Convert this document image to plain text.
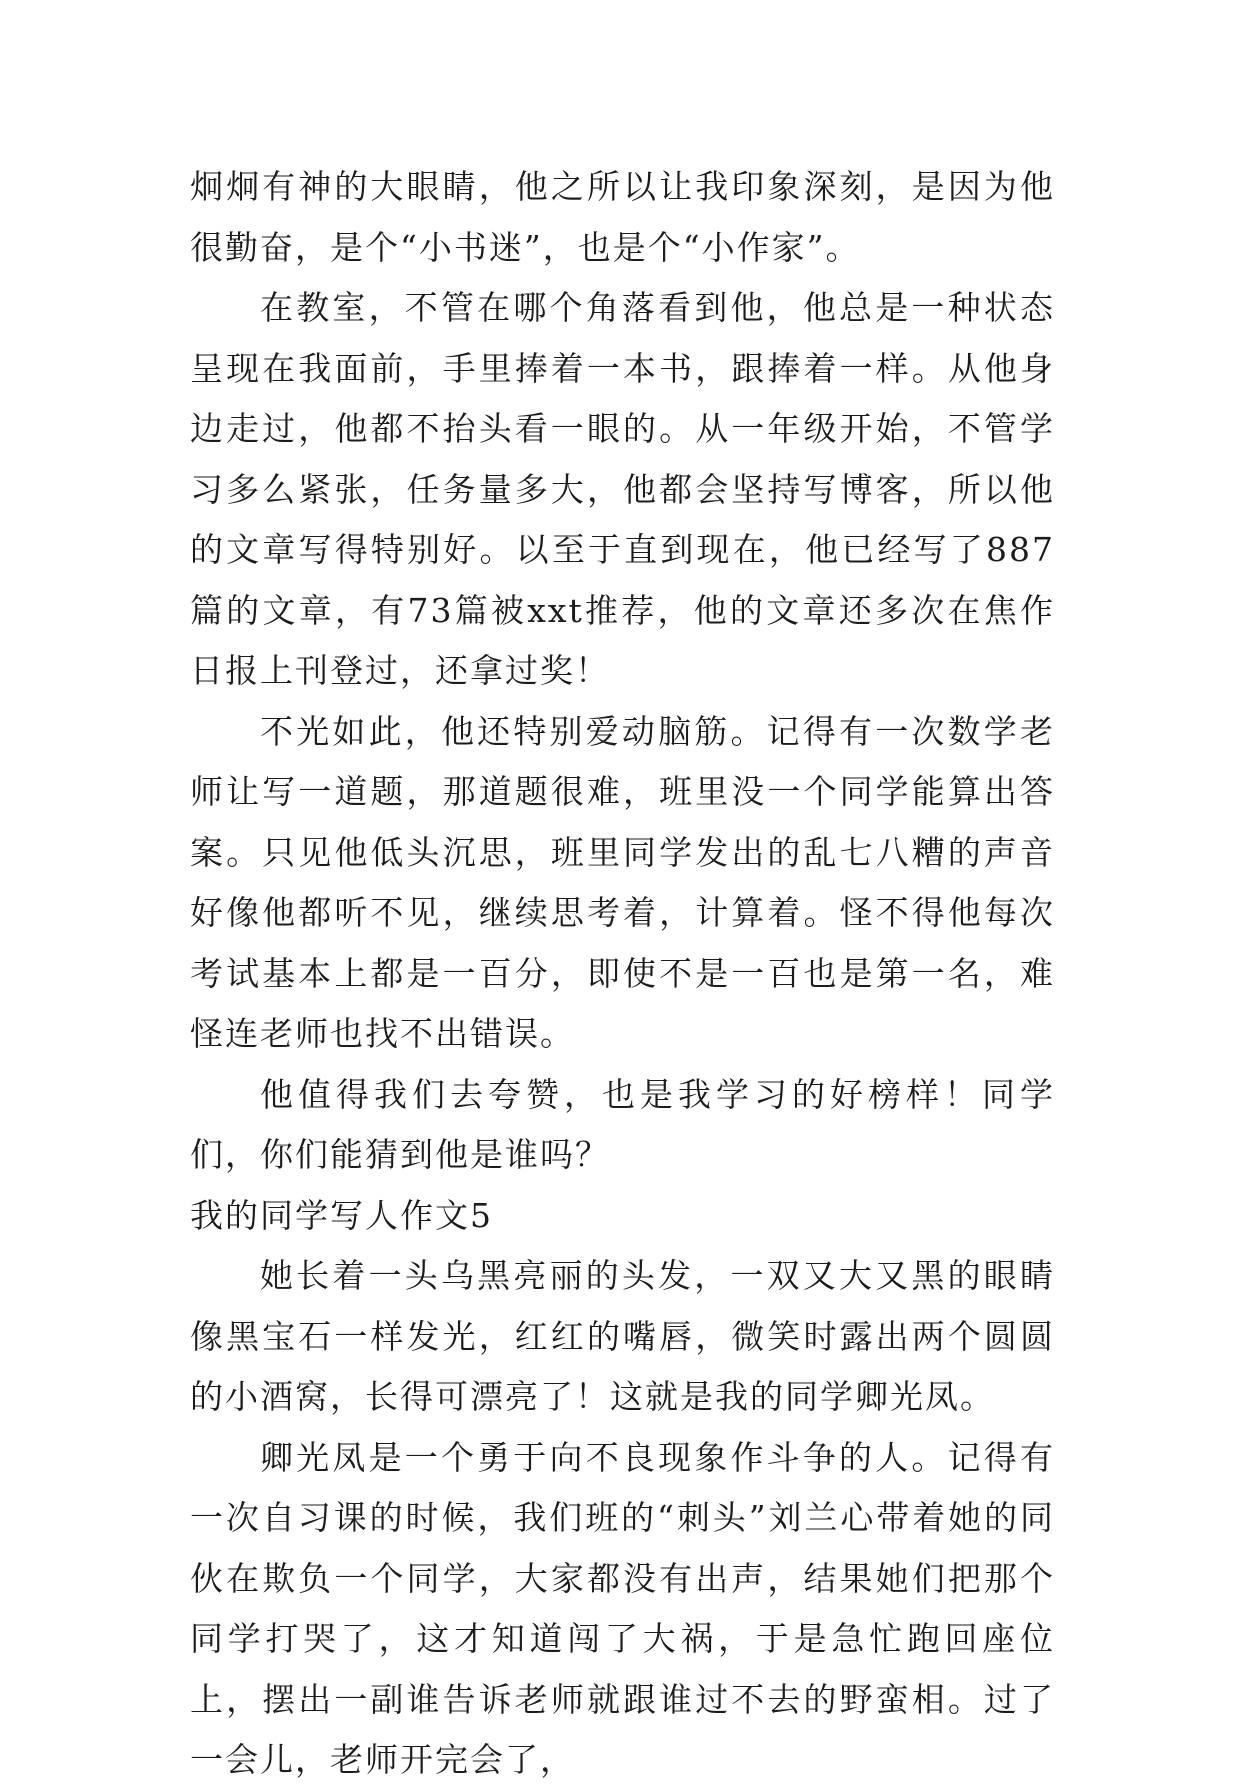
炯炯有神的大眼睛，他之所以让我印象深刻，是因为他很勤奋，是个“小书迷”，也是个“小作家”。

在教室，不管在哪个角落看到他，他总是一种状态呈现在我面前，手里捧着一本书，跟捧着一样。从他身边走过，他都不抬头看一眼的。从一年级开始，不管学习多么紧张，任务量多大，他都会坚持写博客，所以他的文章写得特别好。以至于直到现在，他已经写了887篇的文章，有73篇被xxt推荐，他的文章还多次在焦作日报上刊登过，还拿过奖！

不光如此，他还特别爱动脑筋。记得有一次数学老师让写一道题，那道题很难，班里没一个同学能算出答案。只见他低头沉思，班里同学发出的乱七八糟的声音好像他都听不见，继续思考着，计算着。怪不得他每次考试基本上都是一百分，即使不是一百也是第一名，难怪连老师也找不出错误。

他值得我们去夸赞，也是我学习的好榜样！同学们，你们能猜到他是谁吗？

我的同学写人作文5

她长着一头乌黑亮丽的头发，一双又大又黑的眼睛像黑宝石一样发光，红红的嘴唇，微笑时露出两个圆圆的小酒窝，长得可漂亮了！这就是我的同学卿光凤。

卿光凤是一个勇于向不良现象作斗争的人。记得有一次自习课的时候，我们班的“刺头”刘兰心带着她的同伙在欺负一个同学，大家都没有出声，结果她们把那个同学打哭了，这才知道闯了大祸，于是急忙跑回座位上，摆出一副谁告诉老师就跟谁过不去的野蛮相。过了一会儿，老师开完会了，
